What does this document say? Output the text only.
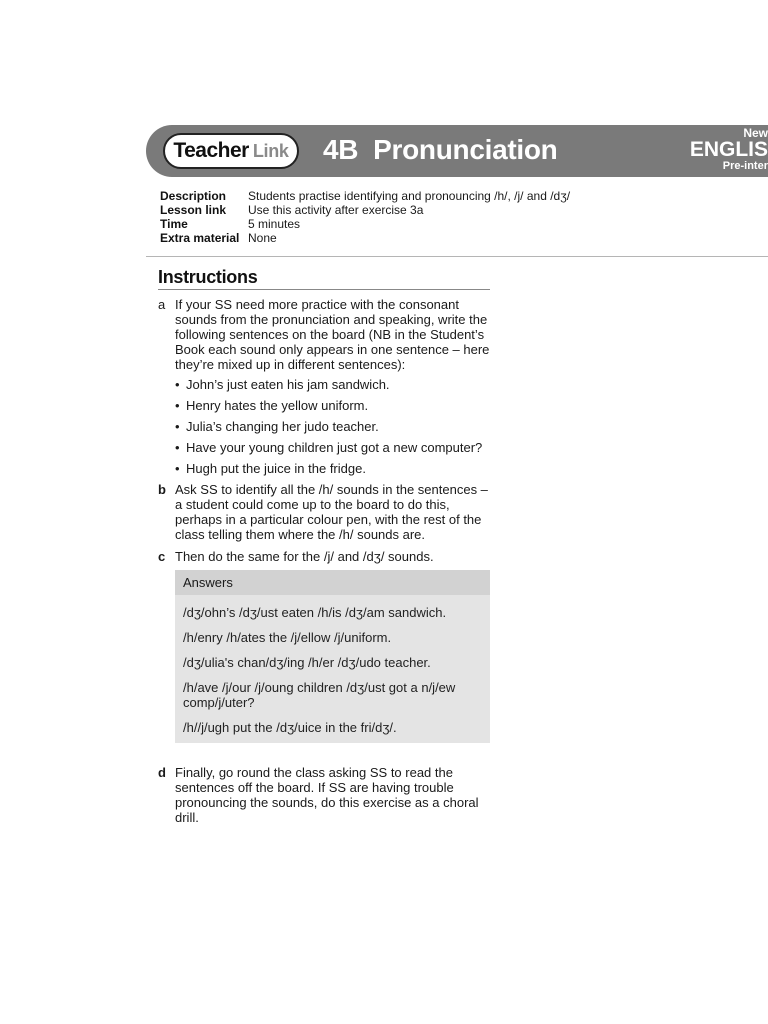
Teacher Link 4B  Pronunciation
New
ENGLIS
Pre-inter
Description	Students practise identifying and pronouncing /h/, /j/ and /dʒ/
Lesson link	Use this activity after exercise 3a
Time	5 minutes
Extra material None
Instructions
a If your SS need more practice with the consonant sounds from the pronunciation and speaking, write the following sentences on the board (NB in the Student’s Book each sound only appears in one sentence – here they’re mixed up in different sentences):
• John’s just eaten his jam sandwich.
• Henry hates the yellow uniform.
• Julia’s changing her judo teacher.
• Have your young children just got a new computer?
• Hugh put the juice in the fridge.
b Ask SS to identify all the /h/ sounds in the sentences – a student could come up to the board to do this, perhaps in a particular colour pen, with the rest of the class telling them where the /h/ sounds are.
c Then do the same for the /j/ and /dʒ/ sounds.
Answers
/dʒ/ohn’s /dʒ/ust eaten /h/is /dʒ/am sandwich.
/h/enry /h/ates the /j/ellow /j/uniform.
/dʒ/ulia's chan/dʒ/ing /h/er /dʒ/udo teacher.
/h/ave /j/our /j/oung children /dʒ/ust got a n/j/ew comp/j/uter?
/h//j/ugh put the /dʒ/uice in the fri/dʒ/.
d Finally, go round the class asking SS to read the sentences off the board. If SS are having trouble pronouncing the sounds, do this exercise as a choral drill.
